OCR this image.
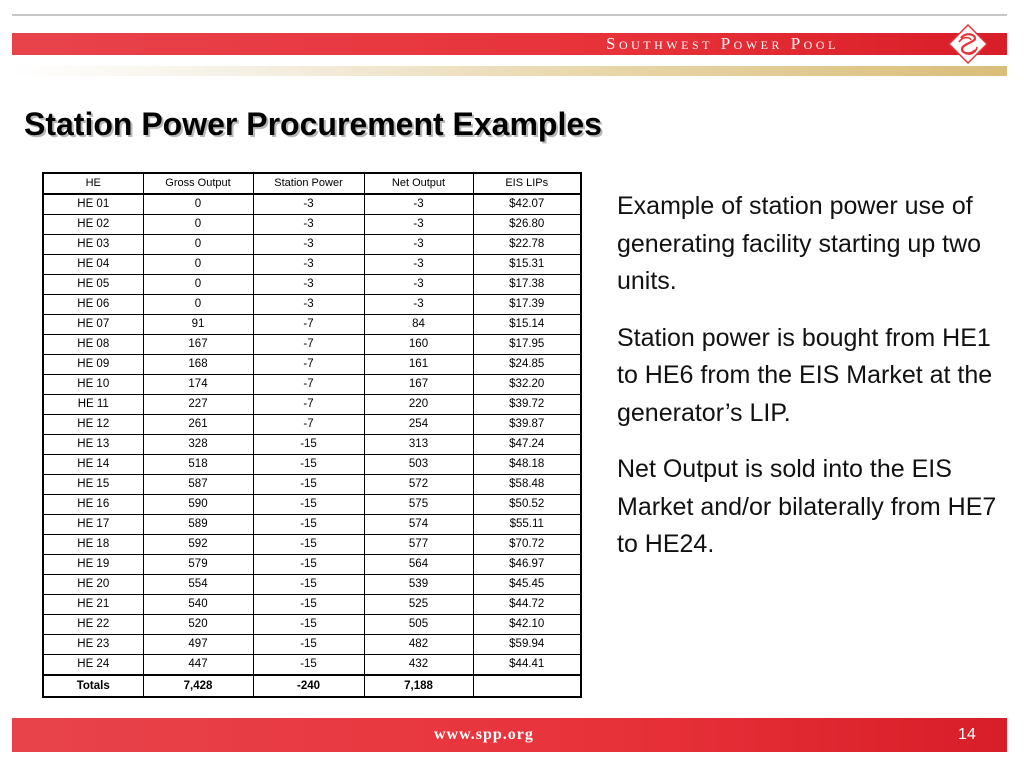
Southwest Power Pool
Station Power Procurement Examples
HE	Gross Output	Station Power	Net Output	EIS LIPs
HE 01	0	-3	-3	$42.07
HE 02	0	-3	-3	$26.80
HE 03	0	-3	-3	$22.78
HE 04	0	-3	-3	$15.31
HE 05	0	-3	-3	$17.38
HE 06	0	-3	-3	$17.39
HE 07	91	-7	84	$15.14
HE 08	167	-7	160	$17.95
HE 09	168	-7	161	$24.85
HE 10	174	-7	167	$32.20
HE 11	227	-7	220	$39.72
HE 12	261	-7	254	$39.87
HE 13	328	-15	313	$47.24
HE 14	518	-15	503	$48.18
HE 15	587	-15	572	$58.48
HE 16	590	-15	575	$50.52
HE 17	589	-15	574	$55.11
HE 18	592	-15	577	$70.72
HE 19	579	-15	564	$46.97
HE 20	554	-15	539	$45.45
HE 21	540	-15	525	$44.72
HE 22	520	-15	505	$42.10
HE 23	497	-15	482	$59.94
HE 24	447	-15	432	$44.41
Totals	7,428	-240	7,188	

Example of station power use of generating facility starting up two units.

Station power is bought from HE1 to HE6 from the EIS Market at the generator’s LIP.

Net Output is sold into the EIS Market and/or bilaterally from HE7 to HE24.

www.spp.org	14
